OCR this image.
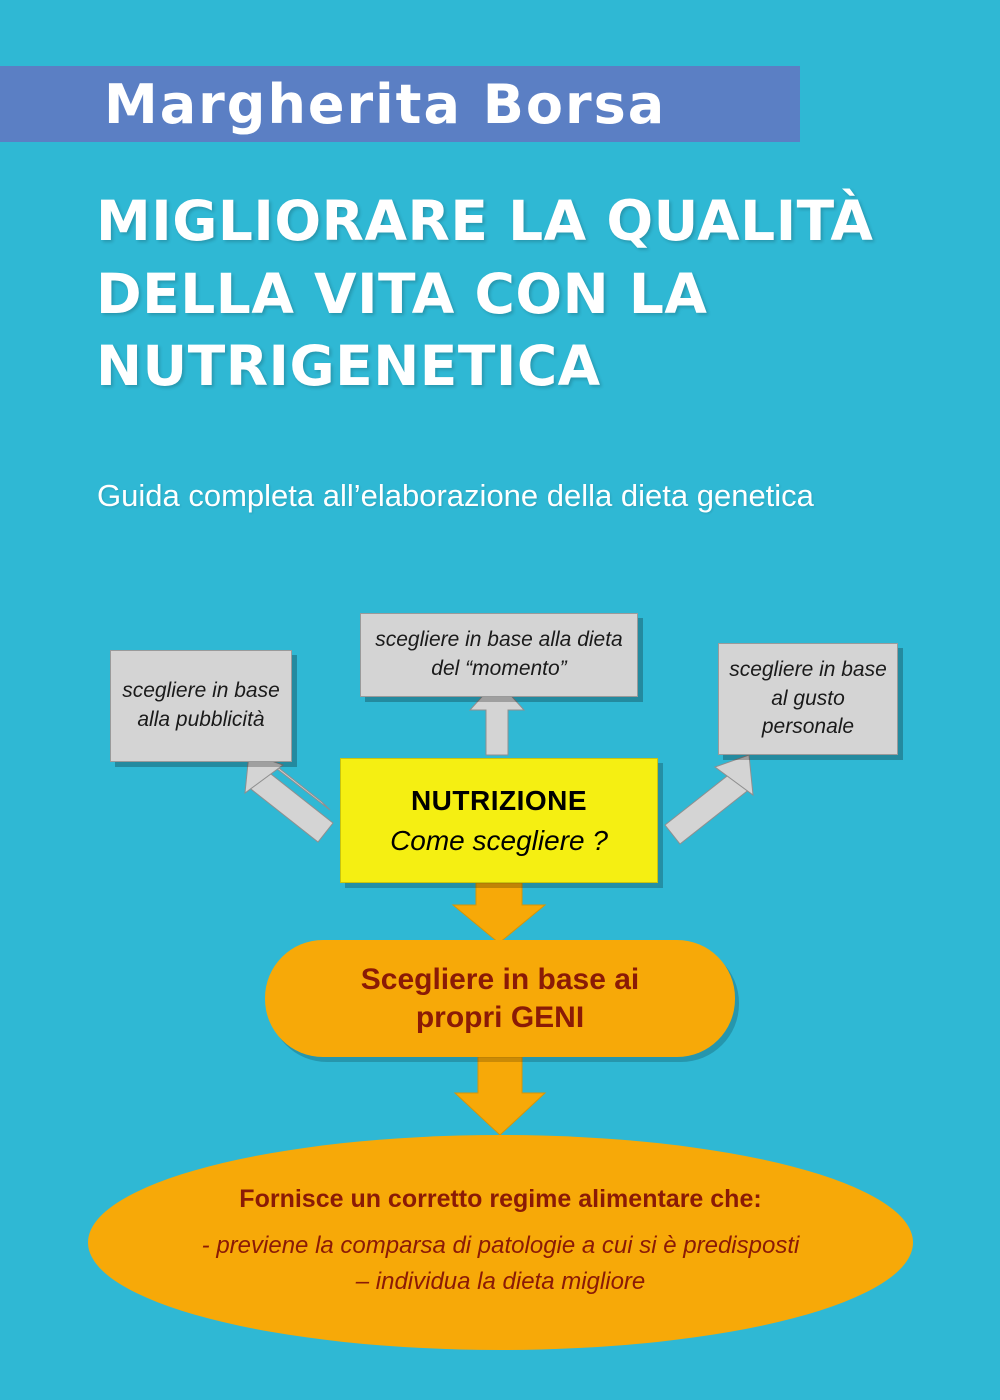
Margherita Borsa
MIGLIORARE LA QUALITÀ
DELLA VITA CON LA
NUTRIGENETICA
Guida completa all’elaborazione della dieta genetica
scegliere in base alla pubblicità
scegliere in base alla dieta del “momento”	scegliere in base al gusto personale
NUTRIZIONE
Come scegliere ?
Scegliere in base ai
propri GENI
Fornisce un corretto regime alimentare che:
- previene la comparsa di patologie a cui si è predisposti
– individua la dieta migliore
